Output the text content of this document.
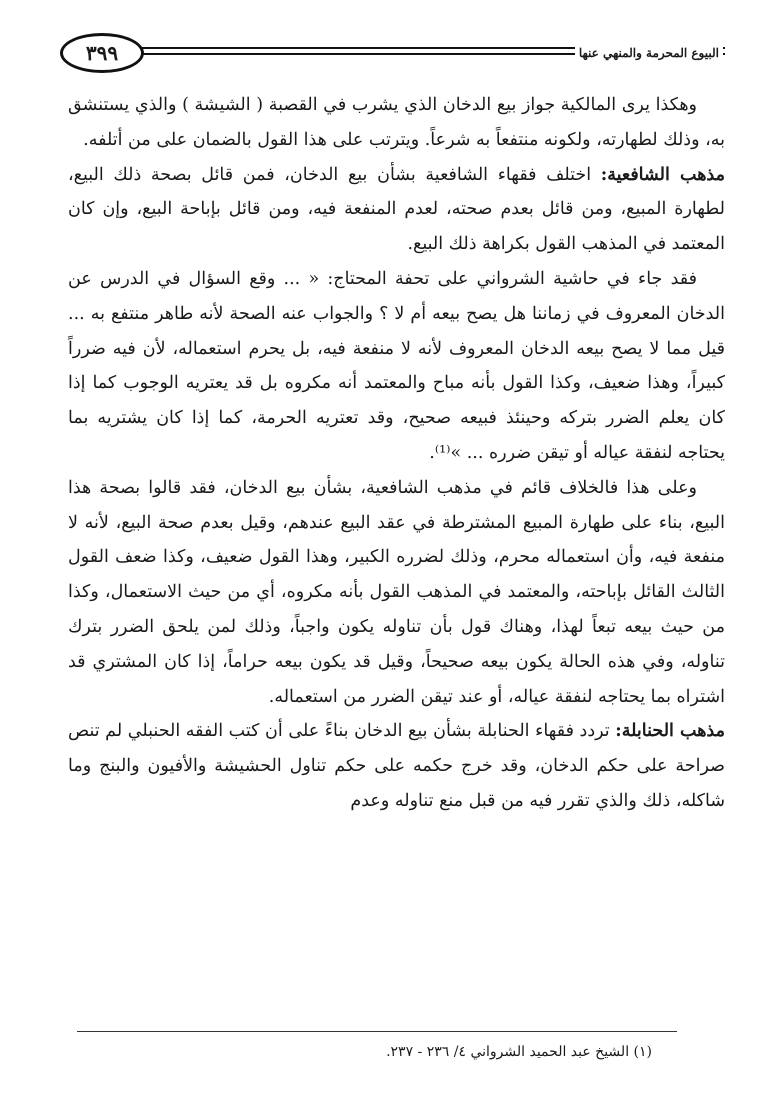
٣٩٩	البيوع المحرمة والمنهي عنها

وهكذا يرى المالكية جواز بيع الدخان الذي يشرب في القصبة ( الشيشة ) والذي يستنشق به، وذلك لطهارته، ولكونه منتفعاً به شرعاً. ويترتب على هذا القول بالضمان على من أتلفه.

مذهب الشافعية: اختلف فقهاء الشافعية بشأن بيع الدخان، فمن قائل بصحة ذلك البيع، لطهارة المبيع، ومن قائل بعدم صحته، لعدم المنفعة فيه، ومن قائل بإباحة البيع، وإن كان المعتمد في المذهب القول بكراهة ذلك البيع.

فقد جاء في حاشية الشرواني على تحفة المحتاج: « ... وقع السؤال في الدرس عن الدخان المعروف في زماننا هل يصح بيعه أم لا ؟ والجواب عنه الصحة لأنه طاهر منتفع به ... قيل مما لا يصح بيعه الدخان المعروف لأنه لا منفعة فيه، بل يحرم استعماله، لأن فيه ضرراً كبيراً، وهذا ضعيف، وكذا القول بأنه مباح والمعتمد أنه مكروه بل قد يعتريه الوجوب كما إذا كان يعلم الضرر بتركه وحينئذ فبيعه صحيح، وقد تعتريه الحرمة، كما إذا كان يشتريه بما يحتاجه لنفقة عياله أو تيقن ضرره ... »⁽¹⁾.

وعلى هذا فالخلاف قائم في مذهب الشافعية، بشأن بيع الدخان، فقد قالوا بصحة هذا البيع، بناء على طهارة المبيع المشترطة في عقد البيع عندهم، وقيل بعدم صحة البيع، لأنه لا منفعة فيه، وأن استعماله محرم، وذلك لضرره الكبير، وهذا القول ضعيف، وكذا ضعف القول الثالث القائل بإباحته، والمعتمد في المذهب القول بأنه مكروه، أي من حيث الاستعمال، وكذا من حيث بيعه تبعاً لهذا، وهناك قول بأن تناوله يكون واجباً، وذلك لمن يلحق الضرر بترك تناوله، وفي هذه الحالة يكون بيعه صحيحاً، وقيل قد يكون بيعه حراماً، إذا كان المشتري قد اشتراه بما يحتاجه لنفقة عياله، أو عند تيقن الضرر من استعماله.

مذهب الحنابلة: تردد فقهاء الحنابلة بشأن بيع الدخان بناءً على أن كتب الفقه الحنبلي لم تنص صراحة على حكم الدخان، وقد خرج حكمه على حكم تناول الحشيشة والأفيون والبنج وما شاكله، ذلك والذي تقرر فيه من قبل منع تناوله وعدم

(١) الشيخ عبد الحميد الشرواني ٤/ ٢٣٦ - ٢٣٧.
